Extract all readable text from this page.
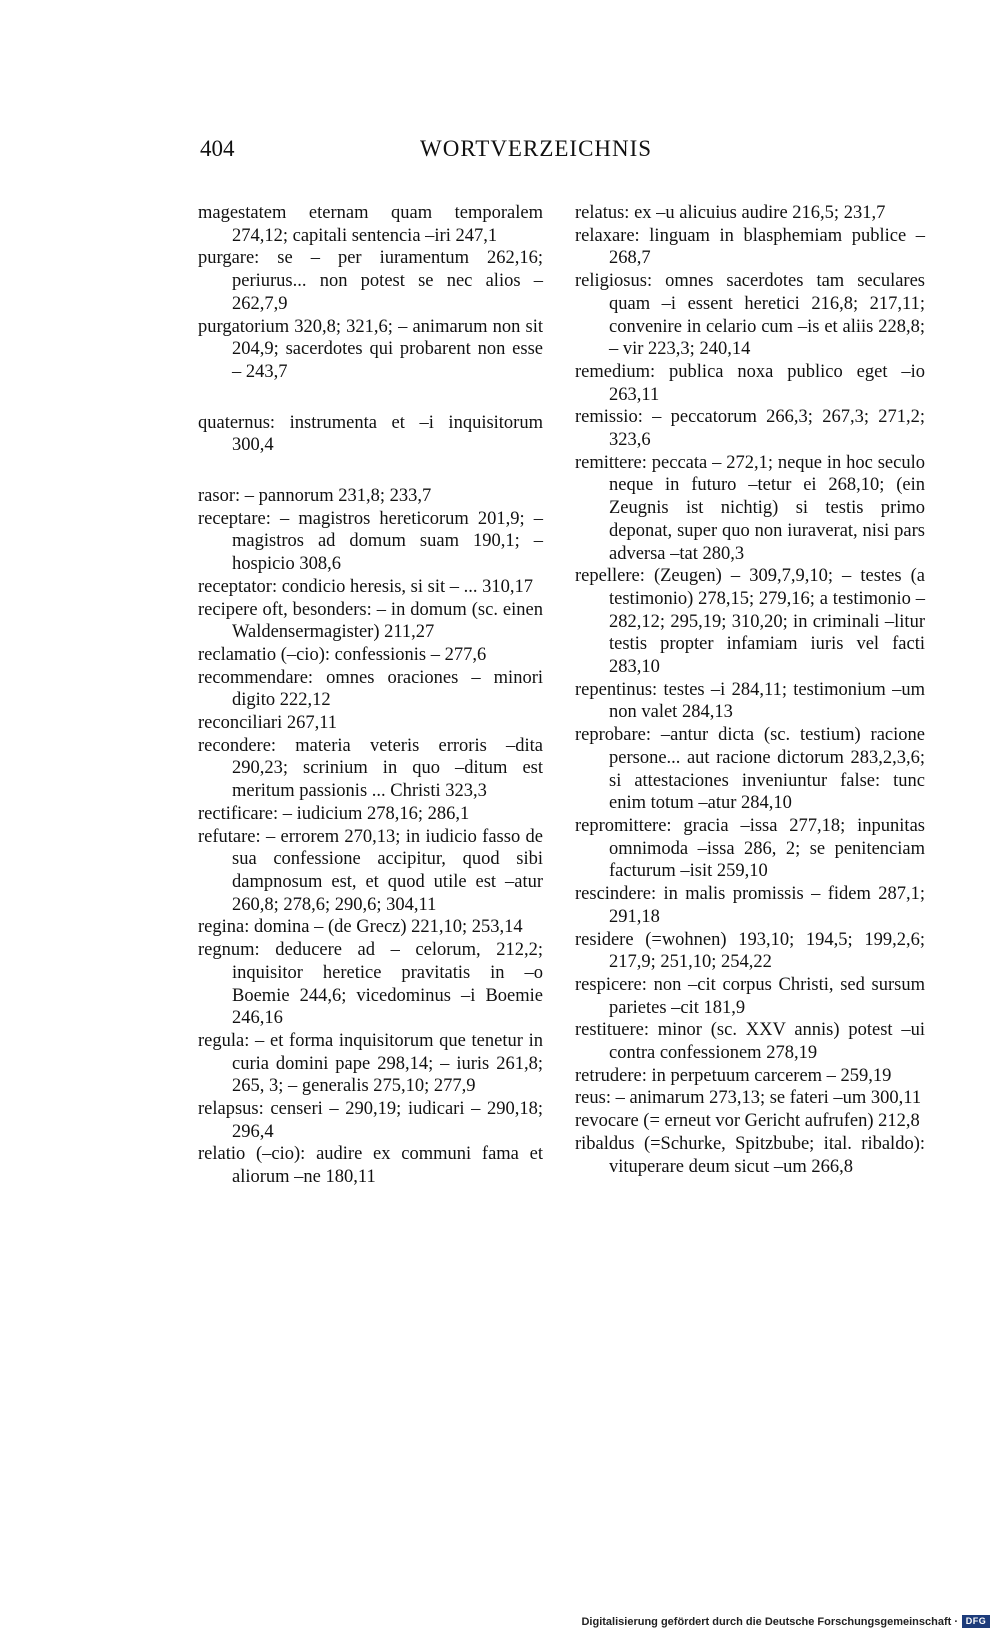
404	WORTVERZEICHNIS

magestatem eternam quam temporalem 274,12; capitali sentencia –iri 247,1

purgare: se – per iuramentum 262,16; periurus... non potest se nec alios – 262,7,9

purgatorium 320,8; 321,6; – animarum non sit 204,9; sacerdotes qui probarent non esse – 243,7

quaternus: instrumenta et –i inquisitorum 300,4

rasor: – pannorum 231,8; 233,7

receptare: – magistros hereticorum 201,9; – magistros ad domum suam 190,1; – hospicio 308,6

receptator: condicio heresis, si sit – ... 310,17

recipere oft, besonders: – in domum (sc. einen Waldensermagister) 211,27

reclamatio (–cio): confessionis – 277,6

recommendare: omnes oraciones – minori digito 222,12

reconciliari 267,11

recondere: materia veteris erroris –dita 290,23; scrinium in quo –ditum est meritum passionis ... Christi 323,3

rectificare: – iudicium 278,16; 286,1

refutare: – errorem 270,13; in iudicio fasso de sua confessione accipitur, quod sibi dampnosum est, et quod utile est –atur 260,8; 278,6; 290,6; 304,11

regina: domina – (de Grecz) 221,10; 253,14

regnum: deducere ad – celorum, 212,2; inquisitor heretice pravitatis in –o Boemie 244,6; vicedominus –i Boemie 246,16

regula: – et forma inquisitorum que tenetur in curia domini pape 298,14; – iuris 261,8; 265, 3; – generalis 275,10; 277,9

relapsus: censeri – 290,19; iudicari – 290,18; 296,4

relatio (–cio): audire ex communi fama et aliorum –ne 180,11

relatus: ex –u alicuius audire 216,5; 231,7

relaxare: linguam in blasphemiam publice – 268,7

religiosus: omnes sacerdotes tam seculares quam –i essent heretici 216,8; 217,11; convenire in celario cum –is et aliis 228,8; – vir 223,3; 240,14

remedium: publica noxa publico eget –io 263,11

remissio: – peccatorum 266,3; 267,3; 271,2; 323,6

remittere: peccata – 272,1; neque in hoc seculo neque in futuro –tetur ei 268,10; (ein Zeugnis ist nichtig) si testis primo deponat, super quo non iuraverat, nisi pars adversa –tat 280,3

repellere: (Zeugen) – 309,7,9,10; – testes (a testimonio) 278,15; 279,16; a testimonio – 282,12; 295,19; 310,20; in criminali –litur testis propter infamiam iuris vel facti 283,10

repentinus: testes –i 284,11; testimonium –um non valet 284,13

reprobare: –antur dicta (sc. testium) racione persone... aut racione dictorum 283,2,3,6; si attestaciones inveniuntur false: tunc enim totum –atur 284,10

repromittere: gracia –issa 277,18; inpunitas omnimoda –issa 286, 2; se penitenciam facturum –isit 259,10

rescindere: in malis promissis – fidem 287,1; 291,18

residere (=wohnen) 193,10; 194,5; 199,2,6; 217,9; 251,10; 254,22

respicere: non –cit corpus Christi, sed sursum parietes –cit 181,9

restituere: minor (sc. XXV annis) potest –ui contra confessionem 278,19

retrudere: in perpetuum carcerem – 259,19

reus: – animarum 273,13; se fateri –um 300,11

revocare (= erneut vor Gericht aufrufen) 212,8

ribaldus (=Schurke, Spitzbube; ital. ribaldo): vituperare deum sicut –um 266,8

Digitalisierung gefördert durch die Deutsche Forschungsgemeinschaft · DFG
